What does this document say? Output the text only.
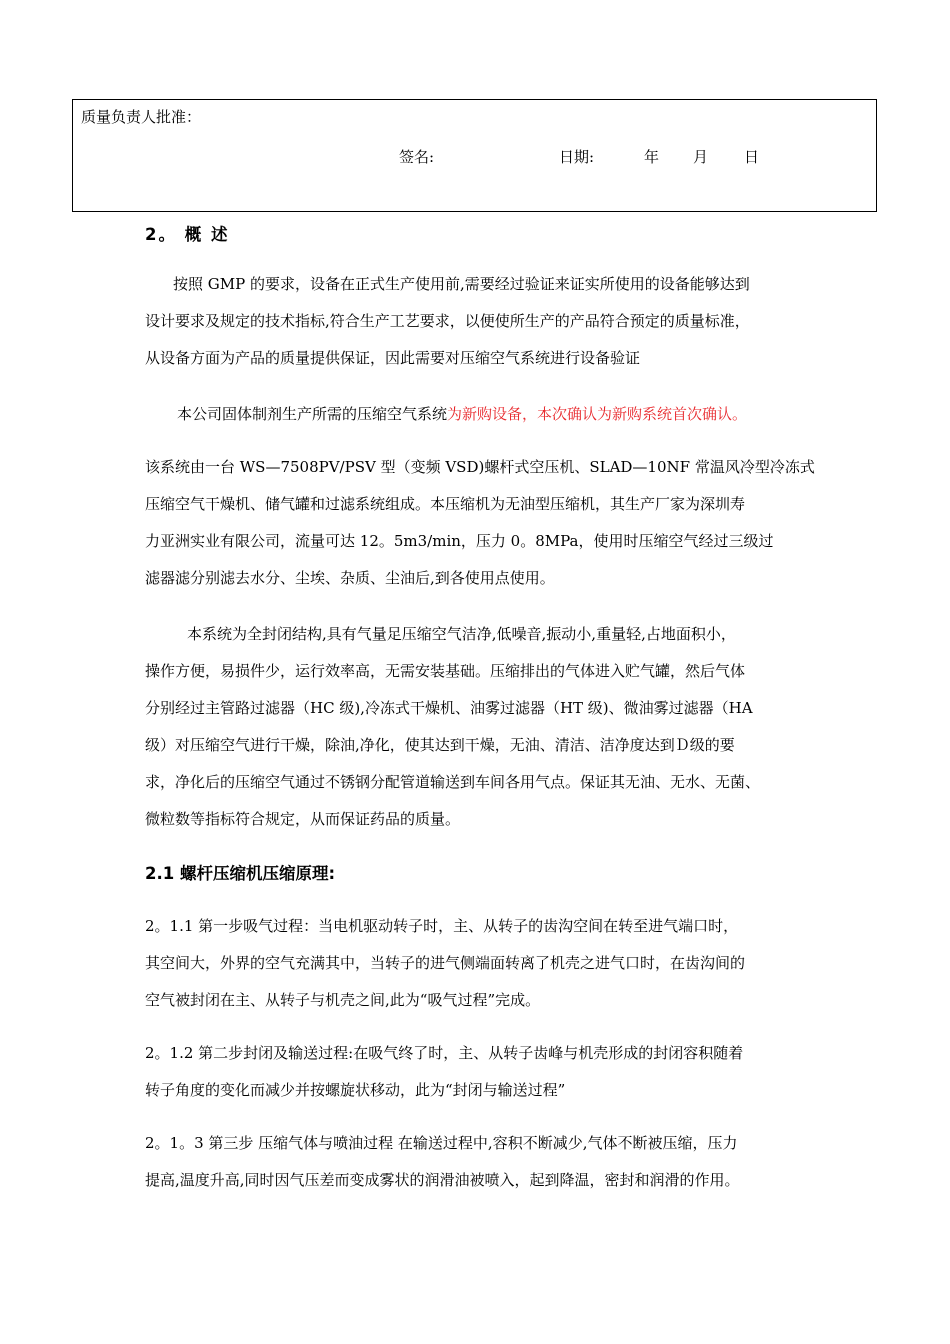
质量负责人批准：
签名:	日期:	年 月 日
2。 概 述
按照 GMP 的要求，设备在正式生产使用前,需要经过验证来证实所使用的设备能够达到
设计要求及规定的技术指标,符合生产工艺要求，以便使所生产的产品符合预定的质量标准，
从设备方面为产品的质量提供保证，因此需要对压缩空气系统进行设备验证
本公司固体制剂生产所需的压缩空气系统为新购设备，本次确认为新购系统首次确认。
该系统由一台 WS—7508PV/PSV 型（变频 VSD)螺杆式空压机、SLAD—10NF 常温风冷型冷冻式
压缩空气干燥机、储气罐和过滤系统组成。本压缩机为无油型压缩机，其生产厂家为深圳寿
力亚洲实业有限公司，流量可达 12。5m3/min，压力 0。8MPa，使用时压缩空气经过三级过
滤器滤分别滤去水分、尘埃、杂质、尘油后,到各使用点使用。
本系统为全封闭结构,具有气量足压缩空气洁净,低噪音,振动小,重量轻,占地面积小，
操作方便，易损件少，运行效率高，无需安装基础。压缩排出的气体进入贮气罐，然后气体
分别经过主管路过滤器（HC 级),冷冻式干燥机、油雾过滤器（HT 级)、微油雾过滤器（HA
级）对压缩空气进行干燥，除油,净化，使其达到干燥，无油、清洁、洁净度达到Ｄ级的要
求，净化后的压缩空气通过不锈钢分配管道输送到车间各用气点。保证其无油、无水、无菌、
微粒数等指标符合规定，从而保证药品的质量。
2.1 螺杆压缩机压缩原理:
2。1.1 第一步吸气过程：当电机驱动转子时，主、从转子的齿沟空间在转至进气端口时，
其空间大，外界的空气充满其中，当转子的进气侧端面转离了机壳之进气口时，在齿沟间的
空气被封闭在主、从转子与机壳之间,此为“吸气过程”完成。
2。1.2 第二步封闭及输送过程:在吸气终了时，主、从转子齿峰与机壳形成的封闭容积随着
转子角度的变化而减少并按螺旋状移动，此为“封闭与输送过程”
2。1。3 第三步 压缩气体与喷油过程 在输送过程中,容积不断减少,气体不断被压缩，压力
提高,温度升高,同时因气压差而变成雾状的润滑油被喷入，起到降温，密封和润滑的作用。
